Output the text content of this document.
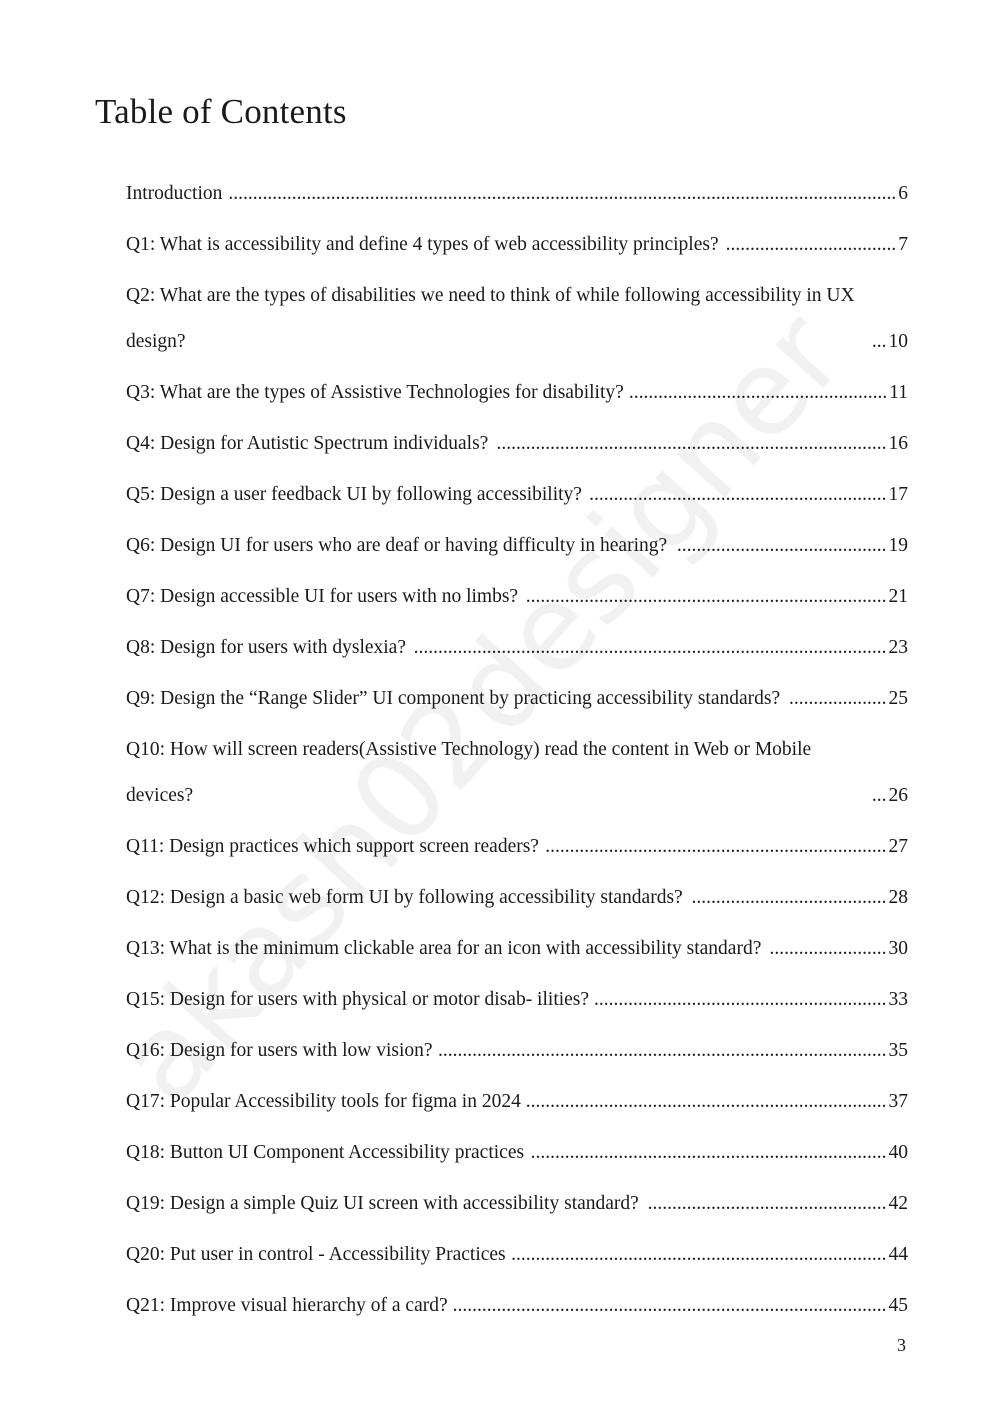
Table of Contents
Introduction ......................................................................................................................................... 6
Q1: What is accessibility and define 4 types of web accessibility principles? ................................... 7
Q2: What are the types of disabilities we need to think of while following accessibility in UX design?	... 10
Q3: What are the types of Assistive Technologies for disability? ..................................................... 11
Q4: Design for Autistic Spectrum individuals? ................................................................................ 16
Q5: Design a user feedback UI by following accessibility? ............................................................. 17
Q6: Design UI for users who are deaf or having difficulty in hearing? ........................................... 19
Q7: Design accessible UI for users with no limbs? .......................................................................... 21
Q8: Design for users with dyslexia? ................................................................................................. 23
Q9: Design the “Range Slider” UI component by practicing accessibility standards? .................... 25
Q10: How will screen readers(Assistive Technology) read the content in Web or Mobile devices?	... 26
Q11: Design practices which support screen readers? ...................................................................... 27
Q12: Design a basic web form UI by following accessibility standards? ........................................ 28
Q13: What is the minimum clickable area for an icon with accessibility standard? ........................ 30
Q15: Design for users with physical or motor disab- ilities? ............................................................ 33
Q16: Design for users with low vision? ............................................................................................ 35
Q17: Popular Accessibility tools for figma in 2024 .......................................................................... 37
Q18: Button UI Component Accessibility practices ......................................................................... 40
Q19: Design a simple Quiz UI screen with accessibility standard? ................................................. 42
Q20: Put user in control - Accessibility Practices ............................................................................. 44
Q21: Improve visual hierarchy of a card? ......................................................................................... 45
3
